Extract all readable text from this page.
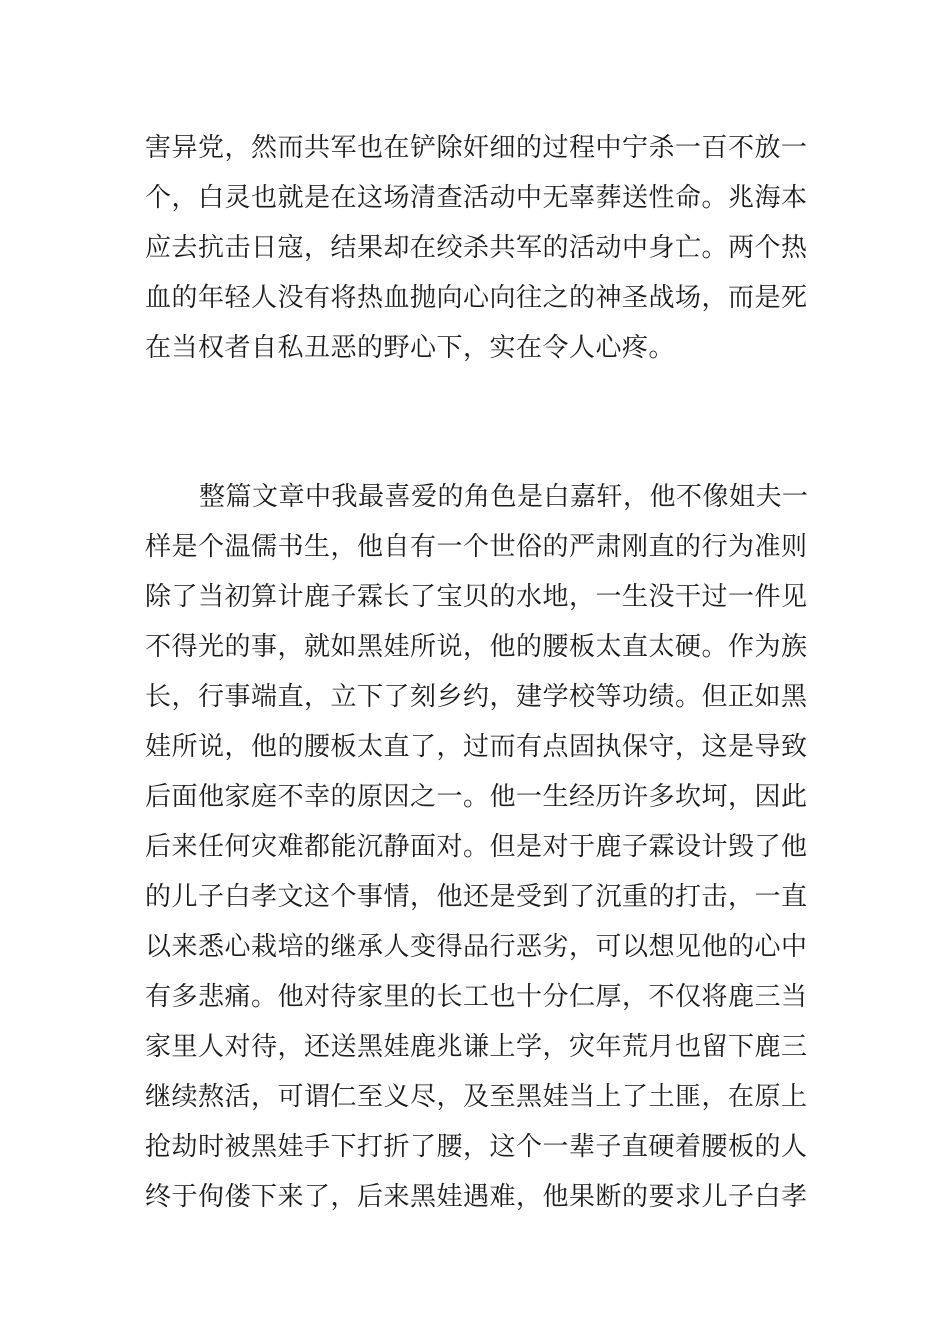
害异党，然而共军也在铲除奸细的过程中宁杀一百不放一
个，白灵也就是在这场清查活动中无辜葬送性命。兆海本
应去抗击日寇，结果却在绞杀共军的活动中身亡。两个热
血的年轻人没有将热血抛向心向往之的神圣战场，而是死
在当权者自私丑恶的野心下，实在令人心疼。
整篇文章中我最喜爱的角色是白嘉轩，他不像姐夫一
样是个温儒书生，他自有一个世俗的严肃刚直的行为准则
除了当初算计鹿子霖长了宝贝的水地，一生没干过一件见
不得光的事，就如黑娃所说，他的腰板太直太硬。作为族
长，行事端直，立下了刻乡约，建学校等功绩。但正如黑
娃所说，他的腰板太直了，过而有点固执保守，这是导致
后面他家庭不幸的原因之一。他一生经历许多坎坷，因此
后来任何灾难都能沉静面对。但是对于鹿子霖设计毁了他
的儿子白孝文这个事情，他还是受到了沉重的打击，一直
以来悉心栽培的继承人变得品行恶劣，可以想见他的心中
有多悲痛。他对待家里的长工也十分仁厚，不仅将鹿三当
家里人对待，还送黑娃鹿兆谦上学，灾年荒月也留下鹿三
继续熬活，可谓仁至义尽，及至黑娃当上了土匪，在原上
抢劫时被黑娃手下打折了腰，这个一辈子直硬着腰板的人
终于佝偻下来了，后来黑娃遇难，他果断的要求儿子白孝
